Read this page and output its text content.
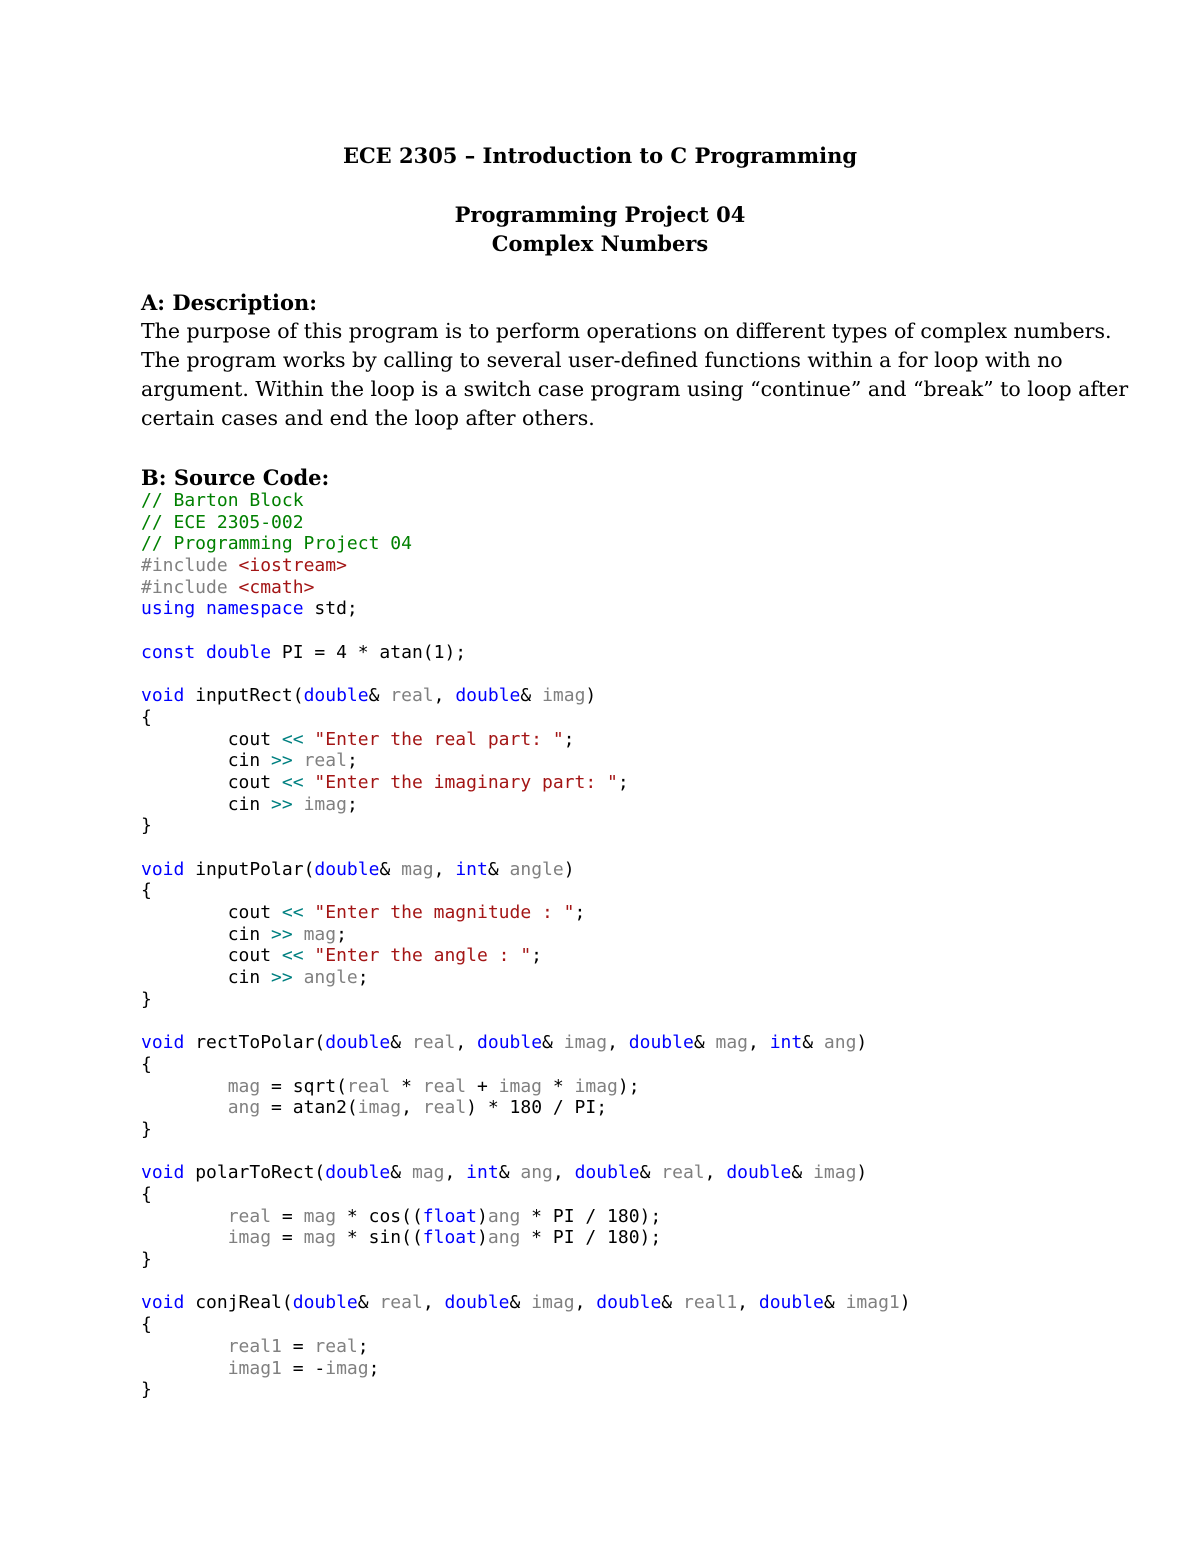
ECE 2305 – Introduction to C Programming
Programming Project 04
Complex Numbers
A: Description:
The purpose of this program is to perform operations on different types of complex numbers.
The program works by calling to several user-defined functions within a for loop with no
argument. Within the loop is a switch case program using “continue” and “break” to loop after
certain cases and end the loop after others.
B: Source Code:
// Barton Block
// ECE 2305-002
// Programming Project 04
#include <iostream>
#include <cmath>
using namespace std;
const double PI = 4 * atan(1);
void inputRect(double& real, double& imag)
{
cout << "Enter the real part: ";
cin >> real;
cout << "Enter the imaginary part: ";
cin >> imag;
}
void inputPolar(double& mag, int& angle)
{
cout << "Enter the magnitude : ";
cin >> mag;
cout << "Enter the angle : ";
cin >> angle;
}
void rectToPolar(double& real, double& imag, double& mag, int& ang)
{
mag = sqrt(real * real + imag * imag);
ang = atan2(imag, real) * 180 / PI;
}
void polarToRect(double& mag, int& ang, double& real, double& imag)
{
real = mag * cos((float)ang * PI / 180);
imag = mag * sin((float)ang * PI / 180);
}
void conjReal(double& real, double& imag, double& real1, double& imag1)
{
real1 = real;
imag1 = -imag;
}
